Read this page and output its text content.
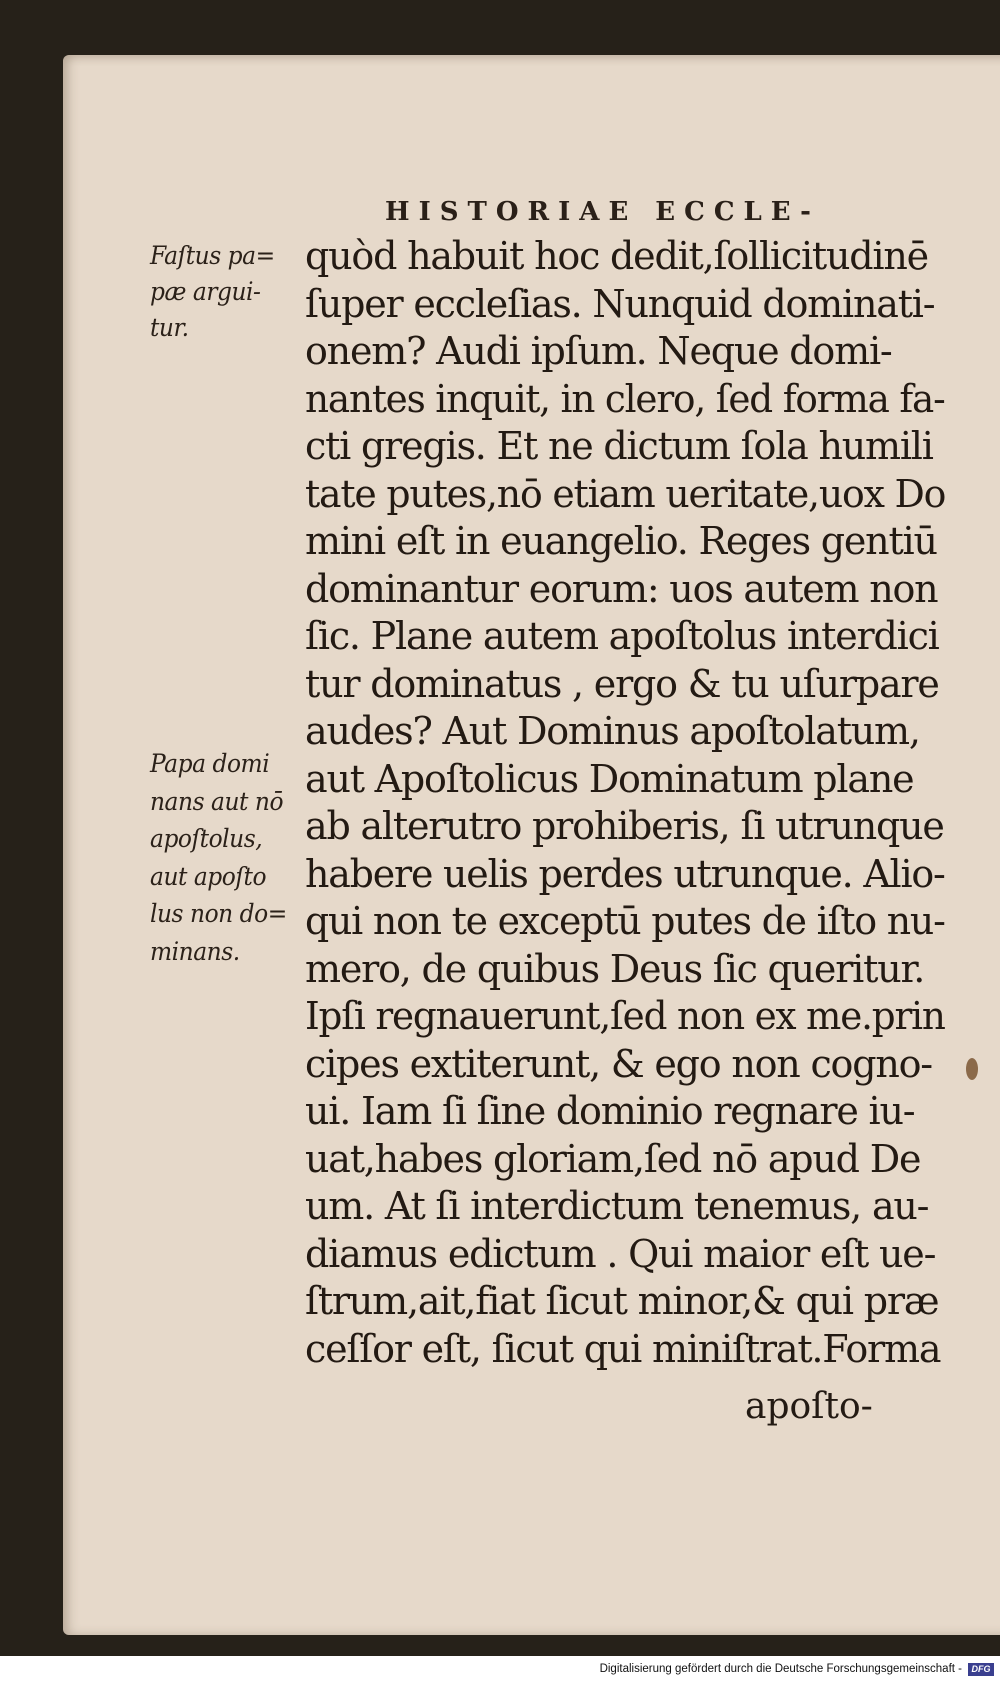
HISTORIAE ECCLE-
Faſtus pa=
pæ argui-
tur.
Papa domi
nans aut nō
apoſtolus,
aut apoſto
lus non do=
minans.
quòd habuit hoc dedit,ſollicitudinē
ſuper eccleſias. Nunquid dominati-
onem? Audi ipſum. Neque domi-
nantes inquit, in clero, ſed forma fa-
cti gregis. Et ne dictum ſola humili
tate putes,nō etiam ueritate,uox Do
mini eſt in euangelio. Reges gentiū
dominantur eorum: uos autem non
ſic. Plane autem apoſtolus interdici
tur dominatus , ergo & tu uſurpare
audes? Aut Dominus apoſtolatum,
aut Apoſtolicus Dominatum plane
ab alterutro prohiberis, ſi utrunque
habere uelis perdes utrunque. Alio-
qui non te exceptū putes de iſto nu-
mero, de quibus Deus ſic queritur.
Ipſi regnauerunt,ſed non ex me.prin
cipes extiterunt, & ego non cogno-
ui. Iam ſi ſine dominio regnare iu-
uat,habes gloriam,ſed nō apud De
um. At ſi interdictum tenemus, au-
diamus edictum . Qui maior eſt ue-
ſtrum,ait,fiat ſicut minor,& qui præ
ceſſor eſt, ſicut qui miniſtrat.Forma
apoſto-
Digitalisierung gefördert durch die Deutsche Forschungsgemeinschaft -	DFG
